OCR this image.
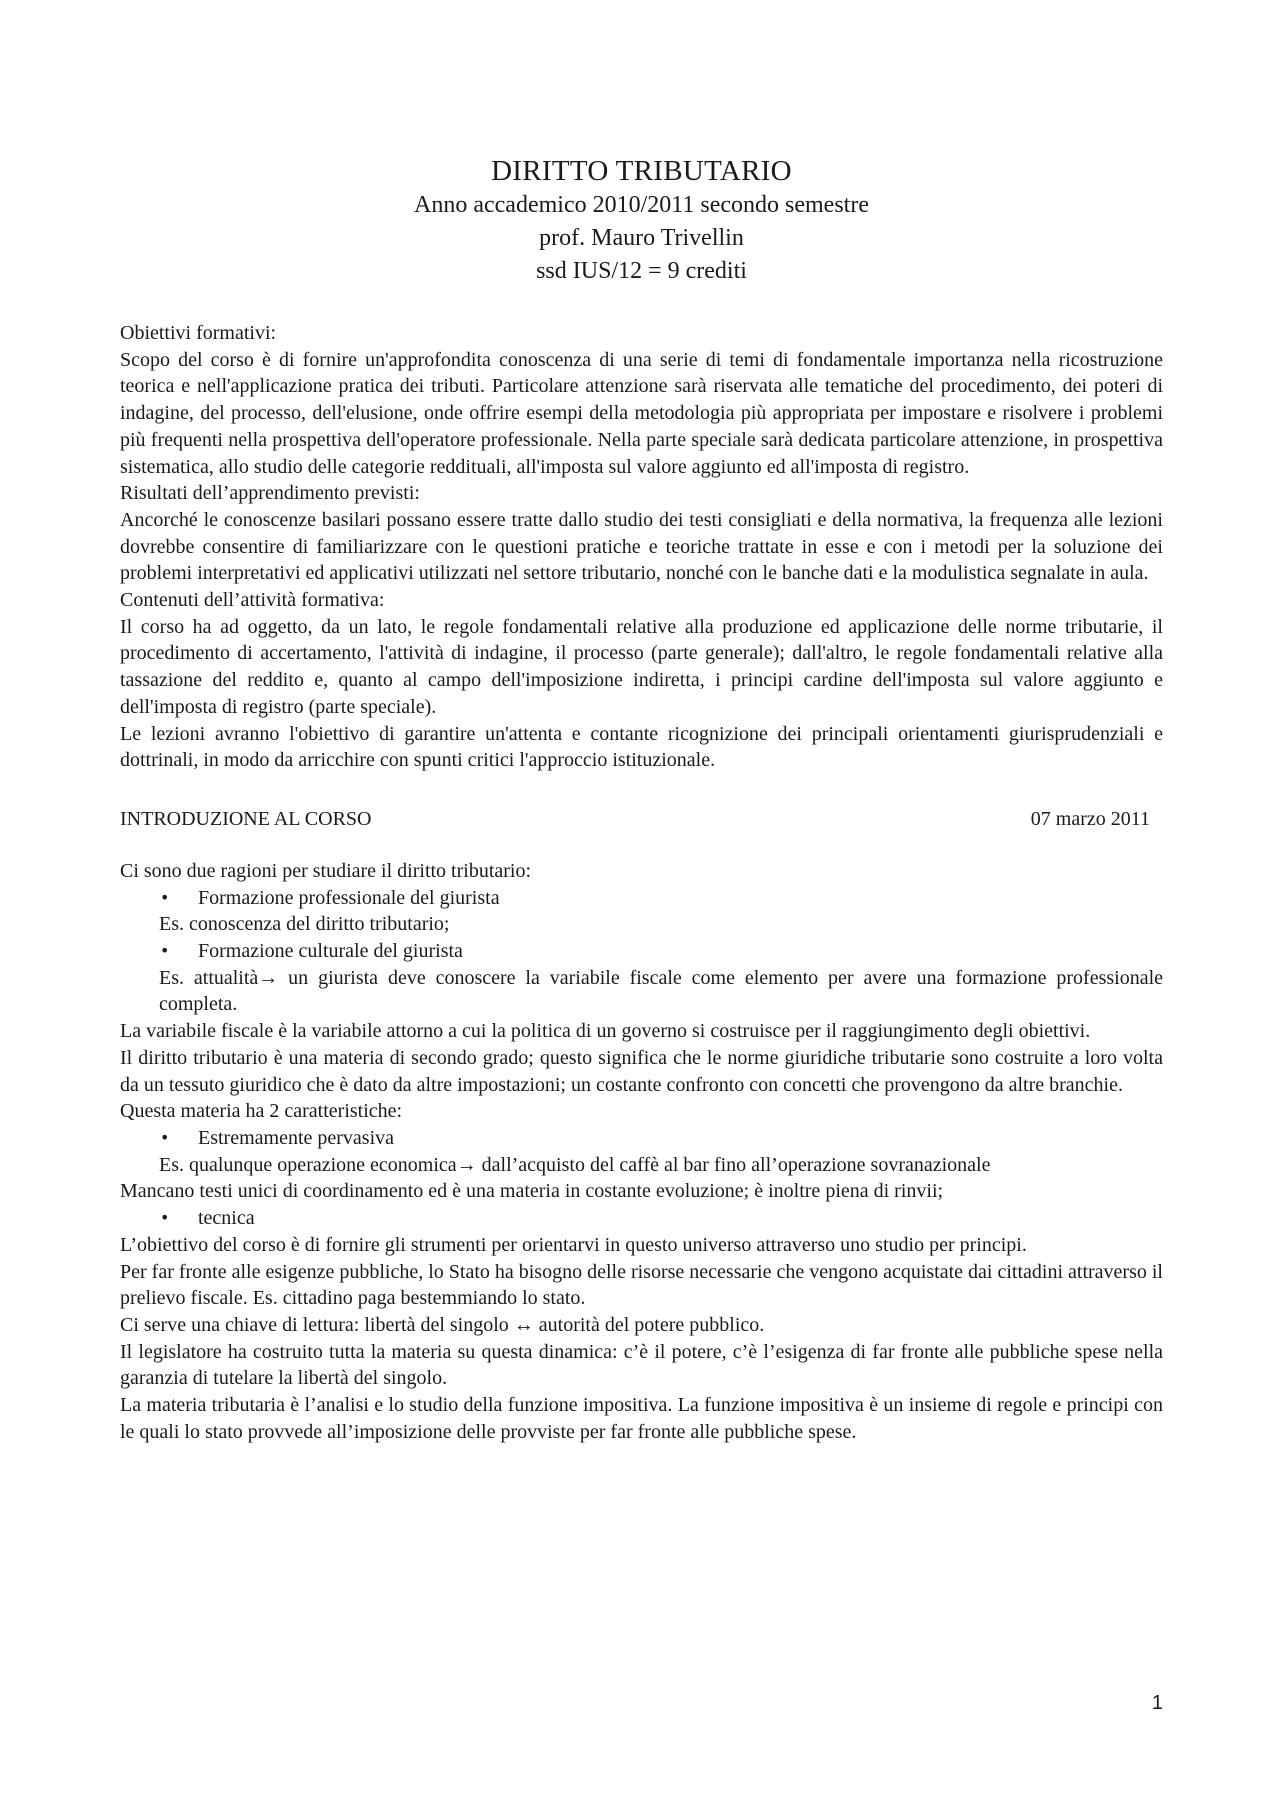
DIRITTO TRIBUTARIO
Anno accademico 2010/2011 secondo semestre
prof. Mauro Trivellin
ssd IUS/12 = 9 crediti

Obiettivi formativi:

Scopo del corso è di fornire un'approfondita conoscenza di una serie di temi di fondamentale importanza nella ricostruzione teorica e nell'applicazione pratica dei tributi. Particolare attenzione sarà riservata alle tematiche del procedimento, dei poteri di indagine, del processo, dell'elusione, onde offrire esempi della metodologia più appropriata per impostare e risolvere i problemi più frequenti nella prospettiva dell'operatore professionale. Nella parte speciale sarà dedicata particolare attenzione, in prospettiva sistematica, allo studio delle categorie reddituali, all'imposta sul valore aggiunto ed all'imposta di registro.

Risultati dell’apprendimento previsti:

Ancorché le conoscenze basilari possano essere tratte dallo studio dei testi consigliati e della normativa, la frequenza alle lezioni dovrebbe consentire di familiarizzare con le questioni pratiche e teoriche trattate in esse e con i metodi per la soluzione dei problemi interpretativi ed applicativi utilizzati nel settore tributario, nonché con le banche dati e la modulistica segnalate in aula.

Contenuti dell’attività formativa:

Il corso ha ad oggetto, da un lato, le regole fondamentali relative alla produzione ed applicazione delle norme tributarie, il procedimento di accertamento, l'attività di indagine, il processo (parte generale); dall'altro, le regole fondamentali relative alla tassazione del reddito e, quanto al campo dell'imposizione indiretta, i principi cardine dell'imposta sul valore aggiunto e dell'imposta di registro (parte speciale).

Le lezioni avranno l'obiettivo di garantire un'attenta e contante ricognizione dei principali orientamenti giurisprudenziali e dottrinali, in modo da arricchire con spunti critici l'approccio istituzionale.

INTRODUZIONE AL CORSO	07 marzo 2011

Ci sono due ragioni per studiare il diritto tributario:

• Formazione professionale del giurista

Es. conoscenza del diritto tributario;

• Formazione culturale del giurista

Es. attualità→ un giurista deve conoscere la variabile fiscale come elemento per avere una formazione professionale completa.

La variabile fiscale è la variabile attorno a cui la politica di un governo si costruisce per il raggiungimento degli obiettivi.

Il diritto tributario è una materia di secondo grado; questo significa che le norme giuridiche tributarie sono costruite a loro volta da un tessuto giuridico che è dato da altre impostazioni; un costante confronto con concetti che provengono da altre branchie.

Questa materia ha 2 caratteristiche:

• Estremamente pervasiva

Es. qualunque operazione economica→ dall’acquisto del caffè al bar fino all’operazione sovranazionale

Mancano testi unici di coordinamento ed è una materia in costante evoluzione; è inoltre piena di rinvii;

• tecnica

L’obiettivo del corso è di fornire gli strumenti per orientarvi in questo universo attraverso uno studio per principi.

Per far fronte alle esigenze pubbliche, lo Stato ha bisogno delle risorse necessarie che vengono acquistate dai cittadini attraverso il prelievo fiscale. Es. cittadino paga bestemmiando lo stato.

Ci serve una chiave di lettura: libertà del singolo ↔ autorità del potere pubblico.

Il legislatore ha costruito tutta la materia su questa dinamica: c’è il potere, c’è l’esigenza di far fronte alle pubbliche spese nella garanzia di tutelare la libertà del singolo.

La materia tributaria è l’analisi e lo studio della funzione impositiva. La funzione impositiva è un insieme di regole e principi con le quali lo stato provvede all’imposizione delle provviste per far fronte alle pubbliche spese.

1
